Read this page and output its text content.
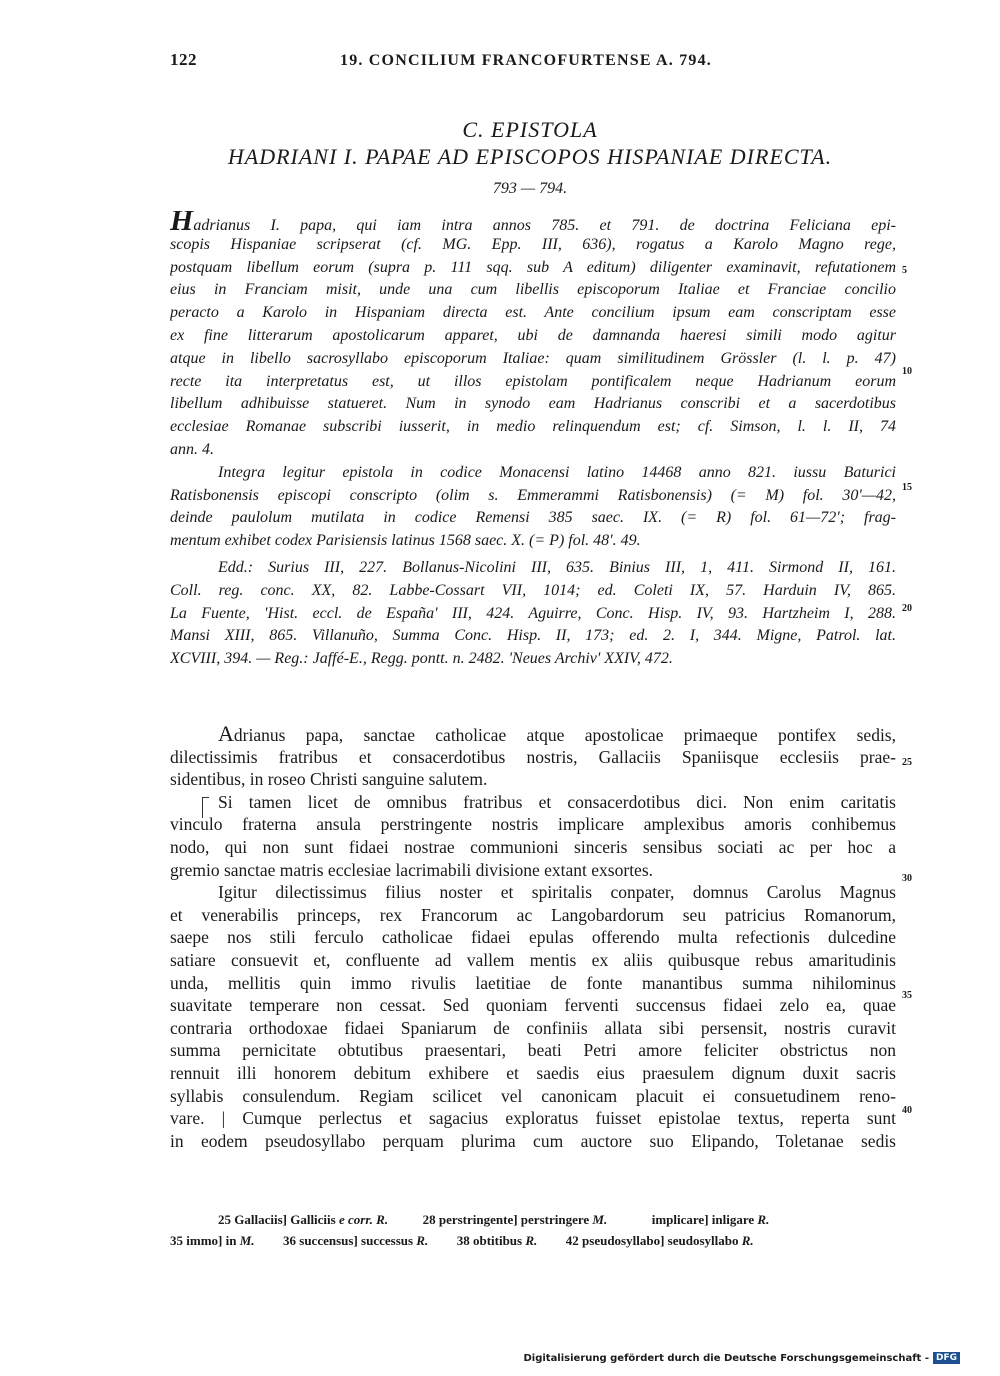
122	19. CONCILIUM FRANCOFURTENSE A. 794.
C. EPISTOLA
HADRIANI I. PAPAE AD EPISCOPOS HISPANIAE DIRECTA.
793 — 794.
Hadrianus I. papa, qui iam intra annos 785. et 791. de doctrina Feliciana epi-
scopis Hispaniae scripserat (cf. MG. Epp. III, 636), rogatus a Karolo Magno rege,
postquam libellum eorum (supra p. 111 sqq. sub A editum) diligenter examinavit, refutationem
eius in Franciam misit, unde una cum libellis episcoporum Italiae et Franciae concilio
peracto a Karolo in Hispaniam directa est. Ante concilium ipsum eam conscriptam esse
ex fine litterarum apostolicarum apparet, ubi de damnanda haeresi simili modo agitur
atque in libello sacrosyllabo episcoporum Italiae: quam similitudinem Grössler (l. l. p. 47)
recte ita interpretatus est, ut illos epistolam pontificalem neque Hadrianum eorum
libellum adhibuisse statueret. Num in synodo eam Hadrianus conscribi et a sacerdotibus
ecclesiae Romanae subscribi iusserit, in medio relinquendum est; cf. Simson, l. l. II, 74
ann. 4.
Integra legitur epistola in codice Monacensi latino 14468 anno 821. iussu Baturici
Ratisbonensis episcopi conscripto (olim s. Emmerammi Ratisbonensis) (= M) fol. 30'—42,
deinde paulolum mutilata in codice Remensi 385 saec. IX. (= R) fol. 61—72'; frag-
mentum exhibet codex Parisiensis latinus 1568 saec. X. (= P) fol. 48'. 49.
Edd.: Surius III, 227. Bollanus-Nicolini III, 635. Binius III, 1, 411. Sirmond II, 161.
Coll. reg. conc. XX, 82. Labbe-Cossart VII, 1014; ed. Coleti IX, 57. Harduin IV, 865.
La Fuente, 'Hist. eccl. de España' III, 424. Aguirre, Conc. Hisp. IV, 93. Hartzheim I, 288.
Mansi XIII, 865. Villanuño, Summa Conc. Hisp. II, 173; ed. 2. I, 344. Migne, Patrol. lat.
XCVIII, 394. — Reg.: Jaffé-E., Regg. pontt. n. 2482. 'Neues Archiv' XXIV, 472.
5
10
15
20
Adrianus papa, sanctae catholicae atque apostolicae primaeque pontifex sedis,
dilectissimis fratribus et consacerdotibus nostris, Gallaciis Spaniisque ecclesiis prae-
sidentibus, in roseo Christi sanguine salutem.
Si tamen licet de omnibus fratribus et consacerdotibus dici. Non enim caritatis
vinculo fraterna ansula perstringente nostris implicare amplexibus amoris conhibemus
nodo, qui non sunt fidaei nostrae communioni sinceris sensibus sociati ac per hoc a
gremio sanctae matris ecclesiae lacrimabili divisione extant exsortes.
Igitur dilectissimus filius noster et spiritalis conpater, domnus Carolus Magnus
et venerabilis princeps, rex Francorum ac Langobardorum seu patricius Romanorum,
saepe nos stili ferculo catholicae fidaei epulas offerendo multa refectionis dulcedine
satiare consuevit et, confluente ad vallem mentis ex aliis quibusque rebus amaritudinis
unda, mellitis quin immo rivulis laetitiae de fonte manantibus summa nihilominus
suavitate temperare non cessat. Sed quoniam ferventi succensus fidaei zelo ea, quae
contraria orthodoxae fidaei Spaniarum de confiniis allata sibi persensit, nostris curavit
summa pernicitate obtutibus praesentari, beati Petri amore feliciter obstrictus non
rennuit illi honorem debitum exhibere et saedis eius praesulem dignum duxit sacris
syllabis consulendum. Regiam scilicet vel canonicam placuit ei consuetudinem reno-
vare. | Cumque perlectus et sagacius exploratus fuisset epistolae textus, reperta sunt
in eodem pseudosyllabo perquam plurima cum auctore suo Elipando, Toletanae sedis
25
30
35
40
25 Gallaciis] Galliciis e corr. R.	28 perstringente] perstringere M.	implicare] inligare R.
35 immo] in M. 36 succensus] successus R. 38 obtitibus R. 42 pseudosyllabo] seudosyllabo R.
Digitalisierung gefördert durch die Deutsche Forschungsgemeinschaft - DFG
